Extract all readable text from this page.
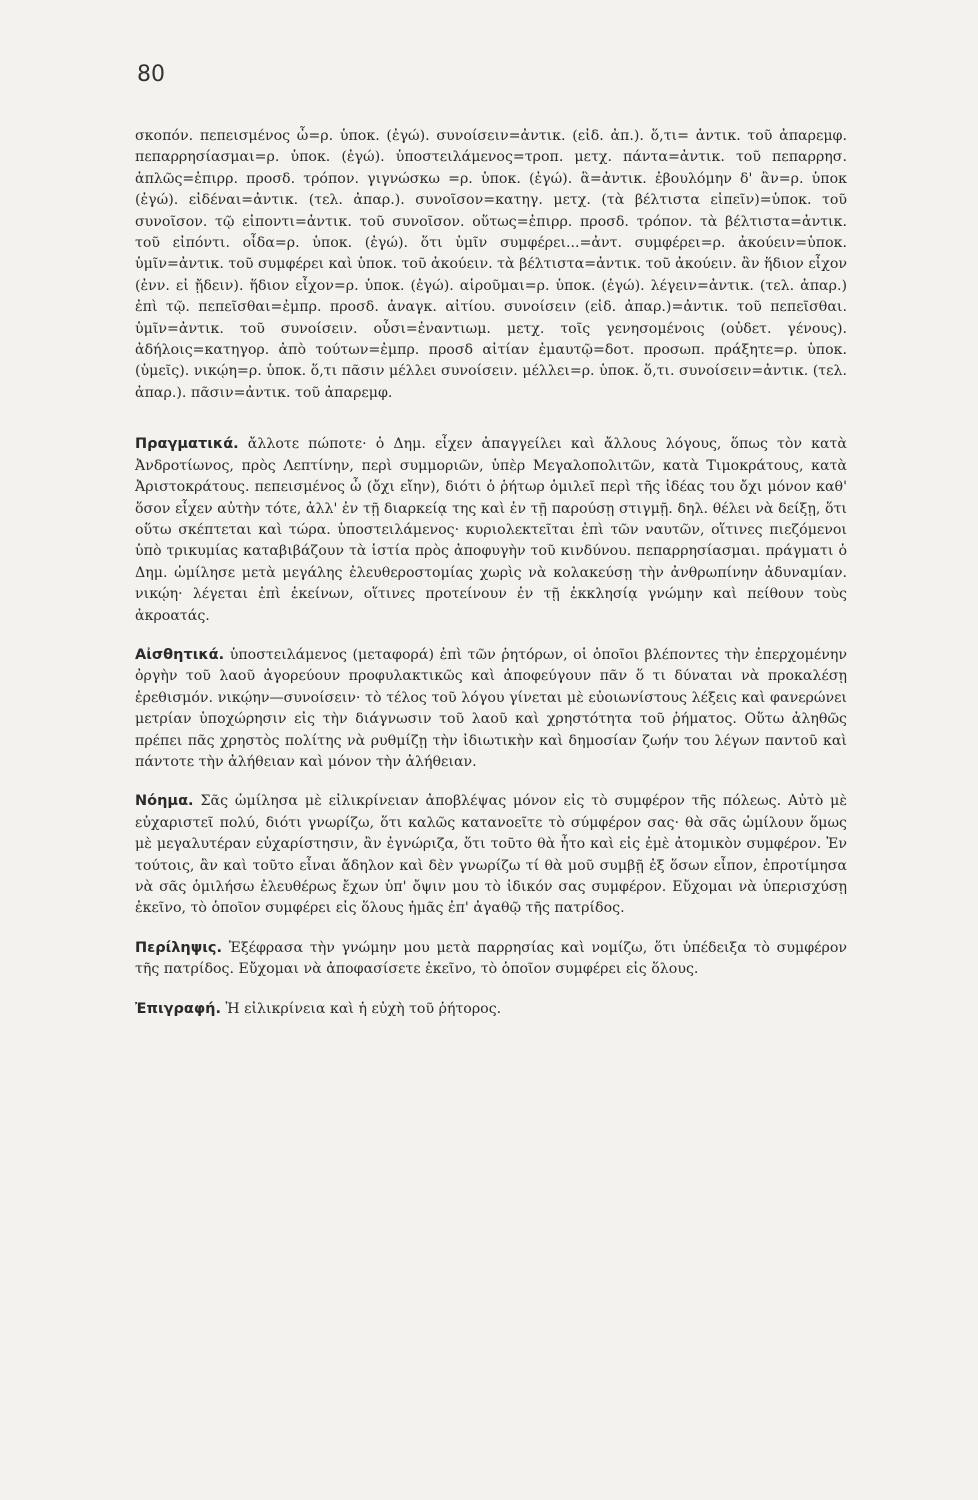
80

σκοπόν. πεπεισμένος ὦ=ρ. ὑποκ. (ἐγώ). συνοίσειν=ἀντικ. (εἰδ. ἀπ.). ὅ,τι= ἀντικ. τοῦ ἀπαρεμφ. πεπαρρησίασμαι=ρ. ὑποκ. (ἐγώ). ὑποστειλάμενος=τροπ. μετχ. πάντα=ἀντικ. τοῦ πεπαρρησ. ἁπλῶς=ἐπιρρ. προσδ. τρόπον. γιγνώσκω =ρ. ὑποκ. (ἐγώ). ἃ=ἀντικ. ἐβουλόμην δ' ἂν=ρ. ὑποκ (ἐγώ). εἰδέναι=ἀντικ. (τελ. ἀπαρ.). συνοῖσον=κατηγ. μετχ. (τὰ βέλτιστα εἰπεῖν)=ὑποκ. τοῦ συνοῖσον. τῷ εἰποντι=ἀντικ. τοῦ συνοῖσον. οὕτως=ἐπιρρ. προσδ. τρόπον. τὰ βέλτιστα=ἀντικ. τοῦ εἰπόντι. οἶδα=ρ. ὑποκ. (ἐγώ). ὅτι ὑμῖν συμφέρει...=ἀντ. συμφέρει=ρ. ἀκούειν=ὑποκ. ὑμῖν=ἀντικ. τοῦ συμφέρει καὶ ὑποκ. τοῦ ἀκούειν. τὰ βέλτιστα=ἀντικ. τοῦ ἀκούειν. ἂν ἥδιον εἶχον (ἐνν. εἰ ᾔδειν). ἥδιον εἶχον=ρ. ὑποκ. (ἐγώ). αἱροῦμαι=ρ. ὑποκ. (ἐγώ). λέγειν=ἀντικ. (τελ. ἀπαρ.) ἐπὶ τῷ. πεπεῖσθαι=ἐμπρ. προσδ. ἀναγκ. αἰτίου. συνοίσειν (εἰδ. ἀπαρ.)=ἀντικ. τοῦ πεπεῖσθαι. ὑμῖν=ἀντικ. τοῦ συνοίσειν. οὖσι=ἐναντιωμ. μετχ. τοῖς γενησομένοις (οὐδετ. γένους). ἀδήλοις=κατηγορ. ἀπὸ τούτων=ἐμπρ. προσδ αἰτίαν ἐμαυτῷ=δοτ. προσωπ. πράξητε=ρ. ὑποκ. (ὑμεῖς). νικῴη=ρ. ὑποκ. ὅ,τι πᾶσιν μέλλει συνοίσειν. μέλλει=ρ. ὑποκ. ὅ,τι. συνοίσειν=ἀντικ. (τελ. ἀπαρ.). πᾶσιν=ἀντικ. τοῦ ἀπαρεμφ.

Πραγματικά. ἄλλοτε πώποτε· ὁ Δημ. εἶχεν ἀπαγγείλει καὶ ἄλλους λόγους, ὅπως τὸν κατὰ Ἀνδροτίωνος, πρὸς Λεπτίνην, περὶ συμμοριῶν, ὑπὲρ Μεγαλοπολιτῶν, κατὰ Τιμοκράτους, κατὰ Ἀριστοκράτους. πεπεισμένος ὦ (ὄχι εἴην), διότι ὁ ῥήτωρ ὁμιλεῖ περὶ τῆς ἰδέας του ὄχι μόνον καθ' ὅσον εἶχεν αὐτὴν τότε, ἀλλ' ἐν τῇ διαρκείᾳ της καὶ ἐν τῇ παρούσῃ στιγμῇ. δηλ. θέλει νὰ δείξῃ, ὅτι οὕτω σκέπτεται καὶ τώρα. ὑποστειλάμενος· κυριολεκτεῖται ἐπὶ τῶν ναυτῶν, οἵτινες πιεζόμενοι ὑπὸ τρικυμίας καταβιβάζουν τὰ ἱστία πρὸς ἀποφυγὴν τοῦ κινδύνου. πεπαρρησίασμαι. πράγματι ὁ Δημ. ὡμίλησε μετὰ μεγάλης ἐλευθεροστομίας χωρὶς νὰ κολακεύσῃ τὴν ἀνθρωπίνην ἀδυναμίαν. νικῴη· λέγεται ἐπὶ ἐκείνων, οἵτινες προτείνουν ἐν τῇ ἐκκλησίᾳ γνώμην καὶ πείθουν τοὺς ἀκροατάς.

Αἰσθητικά. ὑποστειλάμενος (μεταφορά) ἐπὶ τῶν ῥητόρων, οἱ ὁποῖοι βλέποντες τὴν ἐπερχομένην ὀργὴν τοῦ λαοῦ ἀγορεύουν προφυλακτικῶς καὶ ἀποφεύγουν πᾶν ὅ τι δύναται νὰ προκαλέσῃ ἐρεθισμόν. νικῴην—συνοίσειν· τὸ τέλος τοῦ λόγου γίνεται μὲ εὐοιωνίστους λέξεις καὶ φανερώνει μετρίαν ὑποχώρησιν εἰς τὴν διάγνωσιν τοῦ λαοῦ καὶ χρηστότητα τοῦ ῥήματος. Οὕτω ἀληθῶς πρέπει πᾶς χρηστὸς πολίτης νὰ ρυθμίζῃ τὴν ἰδιωτικὴν καὶ δημοσίαν ζωήν του λέγων παντοῦ καὶ πάντοτε τὴν ἀλήθειαν καὶ μόνον τὴν ἀλήθειαν.

Νόημα. Σᾶς ὡμίλησα μὲ εἰλικρίνειαν ἀποβλέψας μόνον εἰς τὸ συμφέρον τῆς πόλεως. Αὐτὸ μὲ εὐχαριστεῖ πολύ, διότι γνωρίζω, ὅτι καλῶς κατανοεῖτε τὸ σύμφέρον σας· θὰ σᾶς ὡμίλουν ὅμως μὲ μεγαλυτέραν εὐχαρίστησιν, ἂν ἐγνώριζα, ὅτι τοῦτο θὰ ἦτο καὶ εἰς ἐμὲ ἀτομικὸν συμφέρον. Ἐν τούτοις, ἂν καὶ τοῦτο εἶναι ἄδηλον καὶ δὲν γνωρίζω τί θὰ μοῦ συμβῇ ἐξ ὅσων εἶπον, ἐπροτίμησα νὰ σᾶς ὁμιλήσω ἐλευθέρως ἔχων ὑπ' ὄψιν μου τὸ ἰδικόν σας συμφέρον. Εὔχομαι νὰ ὑπερισχύσῃ ἐκεῖνο, τὸ ὁποῖον συμφέρει εἰς ὅλους ἡμᾶς ἐπ' ἀγαθῷ τῆς πατρίδος.

Περίληψις. Ἐξέφρασα τὴν γνώμην μου μετὰ παρρησίας καὶ νομίζω, ὅτι ὑπέδειξα τὸ συμφέρον τῆς πατρίδος. Εὔχομαι νὰ ἀποφασίσετε ἐκεῖνο, τὸ ὁποῖον συμφέρει εἰς ὅλους.

Ἐπιγραφή. Ἡ εἰλικρίνεια καὶ ἡ εὐχὴ τοῦ ῥήτορος.
